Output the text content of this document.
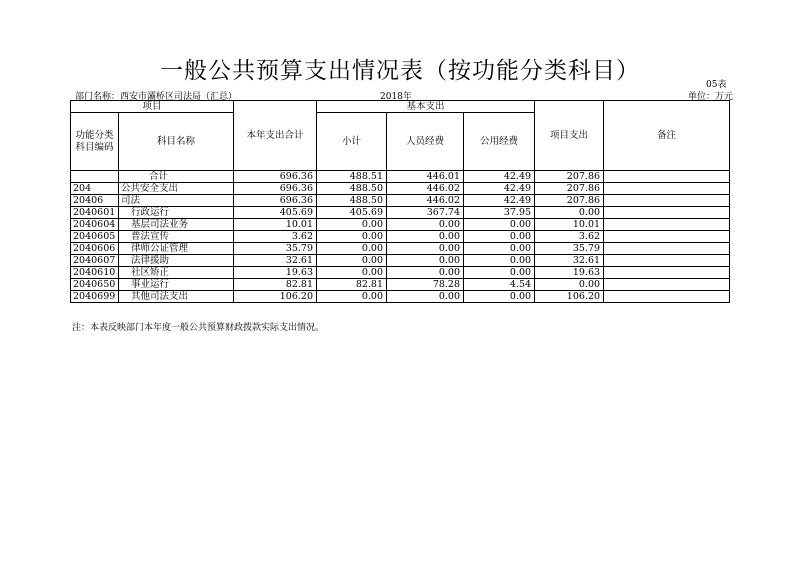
一般公共预算支出情况表（按功能分类科目）
05表
部门名称：西安市灞桥区司法局（汇总）	2018年	单位：万元
项目		本年支出合计	基本支出			项目支出	备注
功能分类
科目编码	科目名称		小计	人员经费	公用经费		

	合计	696.36	488.51	446.01	42.49	207.86	
204	公共安全支出	696.36	488.50	446.02	42.49	207.86	
20406	司法	696.36	488.50	446.02	42.49	207.86	
2040601	行政运行	405.69	405.69	367.74	37.95	0.00	
2040604	基层司法业务	10.01	0.00	0.00	0.00	10.01	
2040605	普法宣传	3.62	0.00	0.00	0.00	3.62	
2040606	律师公证管理	35.79	0.00	0.00	0.00	35.79	
2040607	法律援助	32.61	0.00	0.00	0.00	32.61	
2040610	社区矫正	19.63	0.00	0.00	0.00	19.63	
2040650	事业运行	82.81	82.81	78.28	4.54	0.00	
2040699	其他司法支出	106.20	0.00	0.00	0.00	106.20	
注：本表反映部门本年度一般公共预算财政拨款实际支出情况。
